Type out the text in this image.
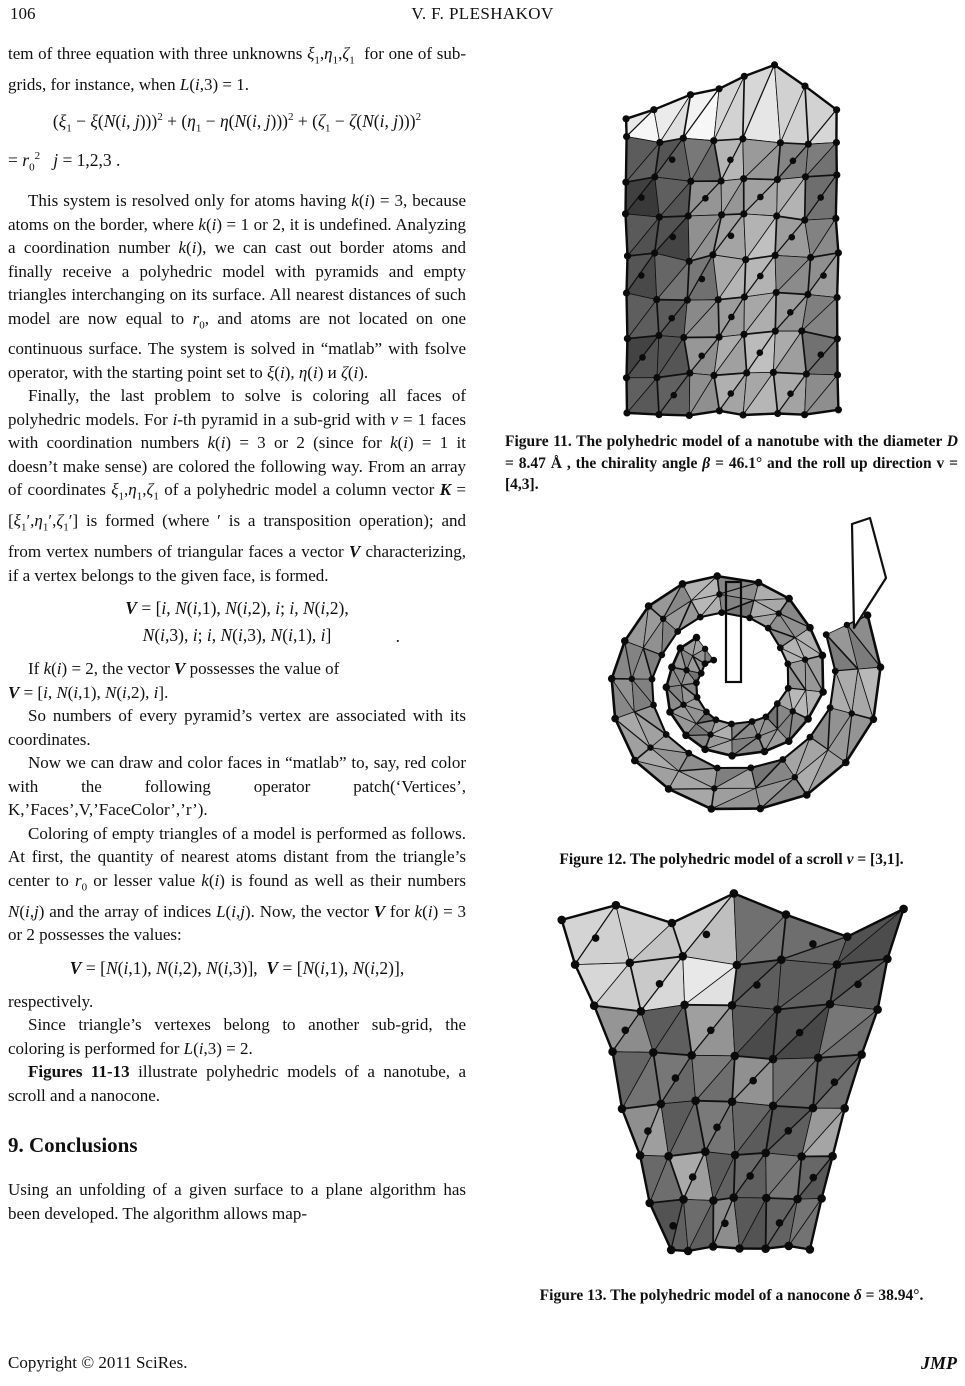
106	V. F. PLESHAKOV

tem of three equation with three unknowns $\xi_1,\eta_1,\zeta_1$  for one of sub-grids, for instance, when L(i,3) = 1.

($\xi_1 - \xi(N(i$, $j)))^2 + (\eta_1 - \eta(N(i$, $j)))^2 + (\zeta_1 - \zeta(N(i$, j)))$^2$
= $r_0^2$ j = 1,2,3 .

This system is resolved only for atoms having k(i) = 3, because atoms on the border, where k(i) = 1 or 2, it is undefined. Analyzing a coordination number k(i), we can cast out border atoms and finally receive a polyhedric model with pyramids and empty triangles interchanging on its surface. All nearest distances of such model are now equal to $r_0$, and atoms are not located on one continuous surface. The system is solved in “matlab” with fsolve operator, with the starting point set to ξ(i), η(i) и ζ(i).

Finally, the last problem to solve is coloring all faces of polyhedric models. For i-th pyramid in a sub-grid with v = 1 faces with coordination numbers k(i) = 3 or 2 (since for k(i) = 1 it doesn’t make sense) are colored the following way. From an array of coordinates $\xi_1,\eta_1,\zeta_1$ of a polyhedric model a column vector $K = [\xi_1',\eta_1',\zeta_1']$ is formed (where ′ is a transposition operation); and from vertex numbers of triangular faces a vector V characterizing, if a vertex belongs to the given face, is formed.

V = [i, N(i,1), N(i,2), i; i, N(i,2),
N(i,3), i; i, N(i,3), N(i,1), i]	.

If k(i) = 2, the vector V possesses the value of
V = [i, N(i,1), N(i,2), i].

So numbers of every pyramid’s vertex are associated with its coordinates.

Now we can draw and color faces in “matlab” to, say, red color with the following operator patch(‘Vertices’, K,’Faces’,V,’FaceColor’,’r’).

Coloring of empty triangles of a model is performed as follows. At first, the quantity of nearest atoms distant from the triangle’s center to $r_0$ or lesser value k(i) is found as well as their numbers N(i,j) and the array of indices L(i,j). Now, the vector V for k(i) = 3 or 2 possesses the values:

V = [N(i,1), N(i,2), N(i,3)],  V = [N(i,1), N(i,2)],

respectively.

Since triangle’s vertexes belong to another sub-grid, the coloring is performed for L(i,3) = 2.

Figures 11-13 illustrate polyhedric models of a nanotube, a scroll and a nanocone.

9. Conclusions

Using an unfolding of a given surface to a plane algorithm has been developed. The algorithm allows map-

Figure 11. The polyhedric model of a nanotube with the diameter D = 8.47 Å , the chirality angle β = 46.1° and the roll up direction v = [4,3].
Figure 12. The polyhedric model of a scroll v = [3,1].
Figure 13. The polyhedric model of a nanocone δ = 38.94°.
Copyright © 2011 SciRes.	JMP
